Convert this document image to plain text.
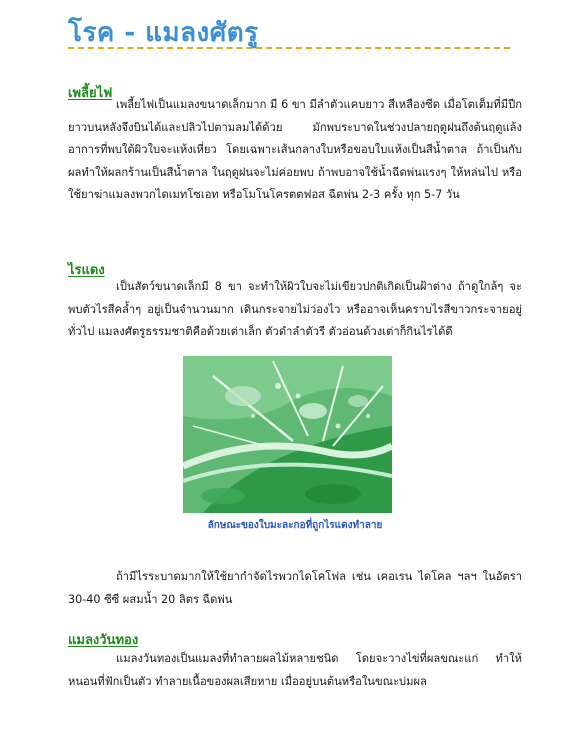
โรค - แมลงศัตรู
เพลี้ยไฟ

เพลี้ยไฟเป็นแมลงขนาดเล็กมาก มี 6 ขา มีลำตัวแคบยาว สีเหลืองซีด เมื่อโตเต็มที่มีปีกยาวบนหลังจึงบินได้และปลิวไปตามลมได้ด้วย มักพบระบาดในช่วงปลายฤดูฝนถึงต้นฤดูแล้ง อาการที่พบใต้ผิวใบจะแห้งเหี่ยว โดยเฉพาะเส้นกลางใบหรือขอบใบแห้งเป็นสีน้ำตาล ถ้าเป็นกับผลทำให้ผลกร้านเป็นสีน้ำตาล ในฤดูฝนจะไม่ค่อยพบ ถ้าพบอาจใช้น้ำฉีดพ่นแรงๆ ให้หล่นไป หรือใช้ยาฆ่าแมลงพวกไดเมทโซเอท หรือโมโนโครตตฟอส ฉีดพ่น 2-3 ครั้ง ทุก 5-7 วัน

ไรแดง

เป็นสัตว์ขนาดเล็กมี 8 ขา จะทำให้ผิวใบจะไม่เขียวปกติเกิดเป็นฝ้าต่าง ถ้าดูใกล้ๆ จะพบตัวไรสีคล้ำๆ อยู่เป็นจำนวนมาก เดินกระจายไม่ว่องไว หรืออาจเห็นคราบไรสีขาวกระจายอยู่ทั่วไป แมลงศัตรูธรรมชาติคือด้วยเต่าเล็ก ตัวดำลำตัวรี ตัวอ่อนด้วงเต่าก็กินไรได้ดี

ลักษณะของใบมะละกอที่ถูกไรแดงทำลาย

ถ้ามีไรระบาดมากให้ใช้ยากำจัดไรพวกไดโคโฟล เช่น เคอเรน ไดโคล ฯลฯ ในอัตรา 30-40 ซีซี ผสมน้ำ 20 ลิตร ฉีดพ่น

แมลงวันทอง

แมลงวันทองเป็นแมลงที่ทำลายผลไม้หลายชนิด โดยจะวางไข่ที่ผลขณะแก่ ทำให้หนอนที่ฟักเป็นตัว ทำลายเนื้อของผลเสียหาย เมื่ออยู่บนต้นหรือในขณะบ่มผล
